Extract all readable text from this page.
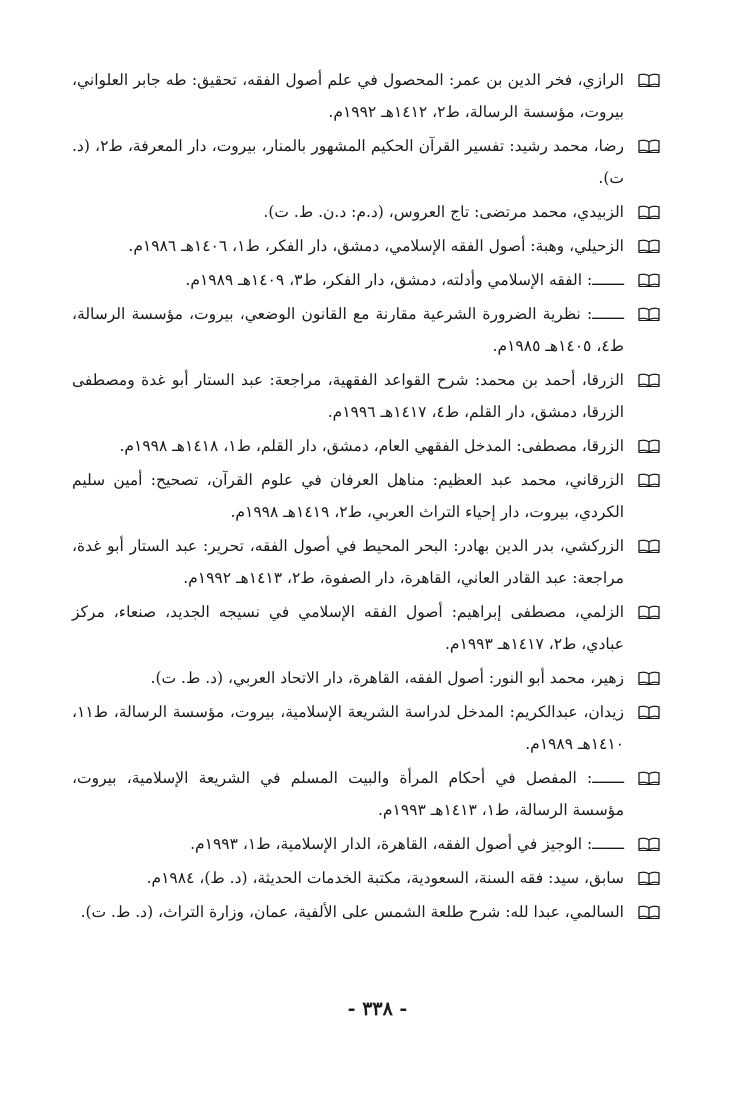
الرازي، فخر الدين بن عمر: المحصول في علم أصول الفقه، تحقيق: طه جابر العلواني، بيروت، مؤسسة الرسالة، ط٢، ١٤١٢هـ ١٩٩٢م.
رضا، محمد رشيد: تفسير القرآن الحكيم المشهور بالمنار، بيروت، دار المعرفة، ط٢، (د. ت).
الزبيدي، محمد مرتضى: تاج العروس، (د.م: د.ن. ط. ت).
الزحيلي، وهبة: أصول الفقه الإسلامي، دمشق، دار الفكر، ط١، ١٤٠٦هـ ١٩٨٦م.
ـــــــ: الفقه الإسلامي وأدلته، دمشق، دار الفكر، ط٣، ١٤٠٩هـ ١٩٨٩م.
ـــــــ: نظرية الضرورة الشرعية مقارنة مع القانون الوضعي، بيروت، مؤسسة الرسالة، ط٤، ١٤٠٥هـ ١٩٨٥م.
الزرقا، أحمد بن محمد: شرح القواعد الفقهية، مراجعة: عبد الستار أبو غدة ومصطفى الزرقا، دمشق، دار القلم، ط٤، ١٤١٧هـ ١٩٩٦م.
الزرقا، مصطفى: المدخل الفقهي العام، دمشق، دار القلم، ط١، ١٤١٨هـ ١٩٩٨م.
الزرقاني، محمد عبد العظيم: مناهل العرفان في علوم القرآن، تصحيح: أمين سليم الكردي، بيروت، دار إحياء التراث العربي، ط٢، ١٤١٩هـ ١٩٩٨م.
الزركشي، بدر الدين بهادر: البحر المحيط في أصول الفقه، تحرير: عبد الستار أبو غدة، مراجعة: عبد القادر العاني، القاهرة، دار الصفوة، ط٢، ١٤١٣هـ ١٩٩٢م.
الزلمي، مصطفى إبراهيم: أصول الفقه الإسلامي في نسيجه الجديد، صنعاء، مركز عبادي، ط٢، ١٤١٧هـ ١٩٩٣م.
زهير، محمد أبو النور: أصول الفقه، القاهرة، دار الاتحاد العربي، (د. ط. ت).
زيدان، عبدالكريم: المدخل لدراسة الشريعة الإسلامية، بيروت، مؤسسة الرسالة، ط١١، ١٤١٠هـ ١٩٨٩م.
ـــــــ: المفصل في أحكام المرأة والبيت المسلم في الشريعة الإسلامية، بيروت، مؤسسة الرسالة، ط١، ١٤١٣هـ ١٩٩٣م.
ـــــــ: الوجيز في أصول الفقه، القاهرة، الدار الإسلامية، ط١، ١٩٩٣م.
سابق، سيد: فقه السنة، السعودية، مكتبة الخدمات الحديثة، (د. ط)، ١٩٨٤م.
السالمي، عبدا لله: شرح طلعة الشمس على الألفية، عمان، وزارة التراث، (د. ط. ت).
- ٣٣٨ -
